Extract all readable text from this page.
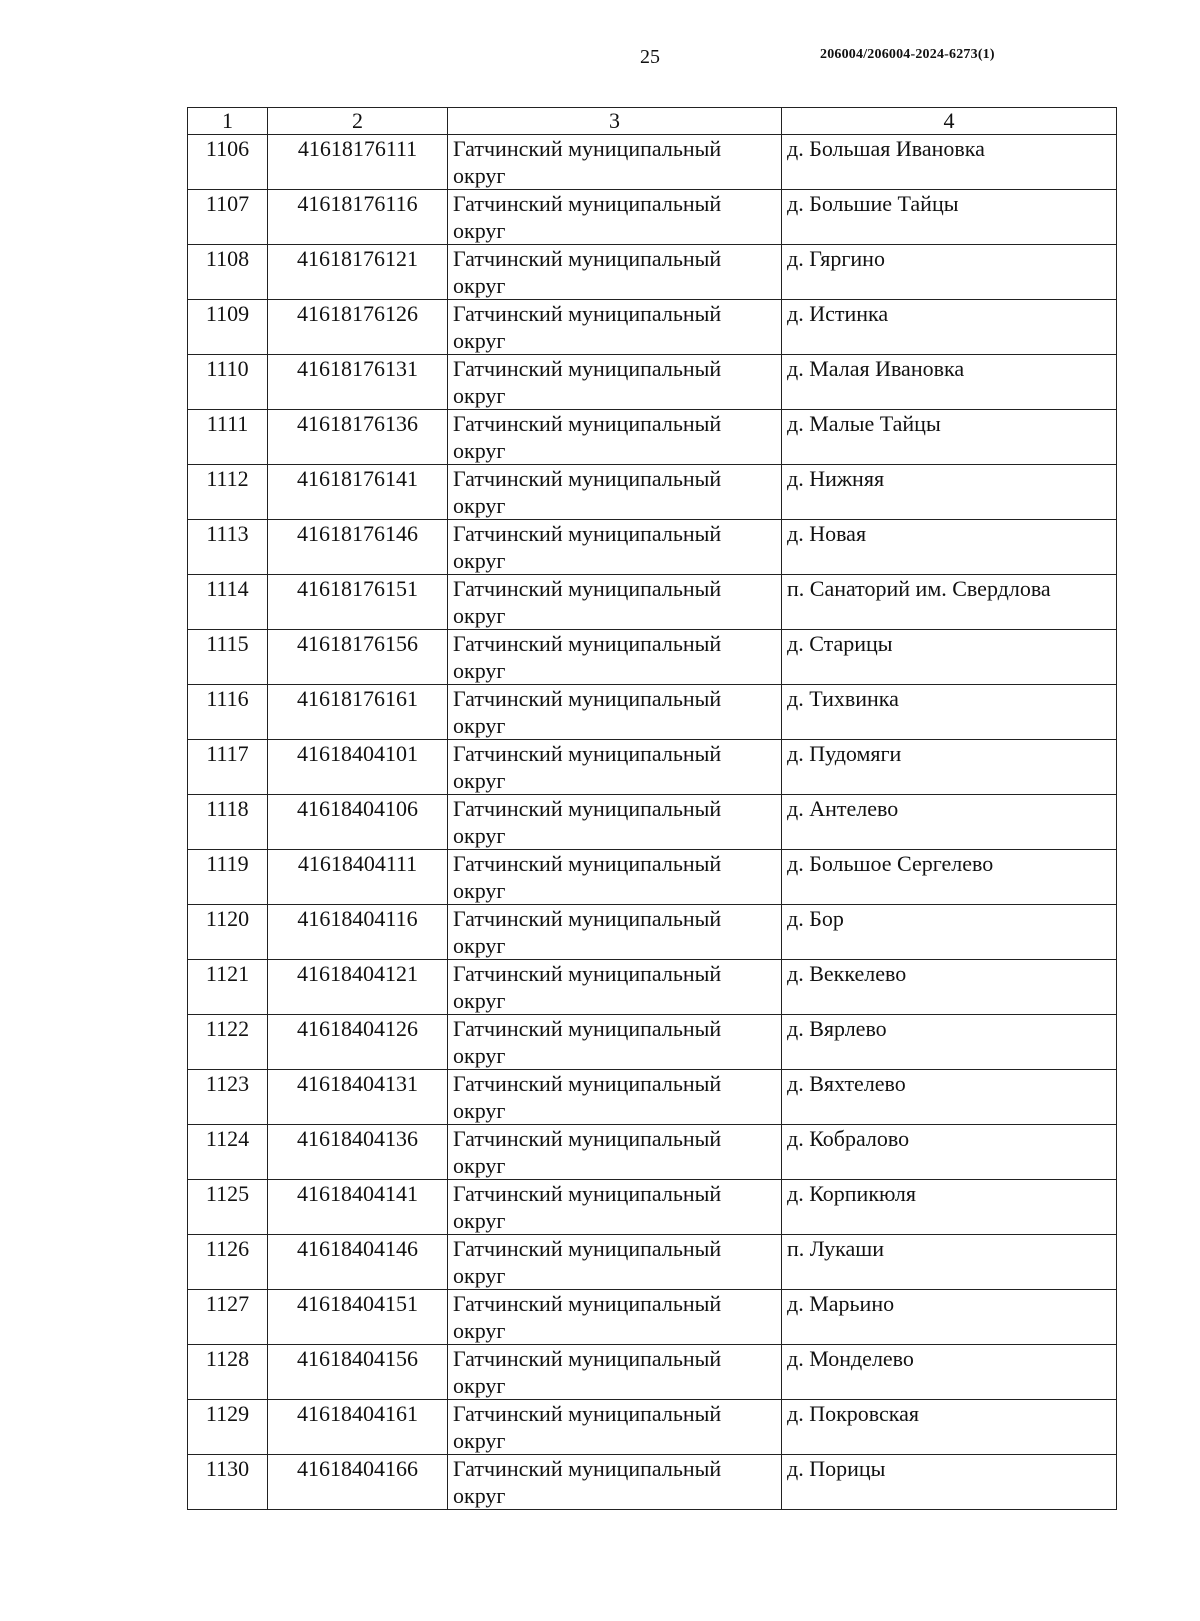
25	206004/206004-2024-6273(1)
1	2	3	4
1106	41618176111	Гатчинский муниципальный округ	д. Большая Ивановка
1107	41618176116	Гатчинский муниципальный округ	д. Большие Тайцы
1108	41618176121	Гатчинский муниципальный округ	д. Гяргино
1109	41618176126	Гатчинский муниципальный округ	д. Истинка
1110	41618176131	Гатчинский муниципальный округ	д. Малая Ивановка
1111	41618176136	Гатчинский муниципальный округ	д. Малые Тайцы
1112	41618176141	Гатчинский муниципальный округ	д. Нижняя
1113	41618176146	Гатчинский муниципальный округ	д. Новая
1114	41618176151	Гатчинский муниципальный округ	п. Санаторий им. Свердлова
1115	41618176156	Гатчинский муниципальный округ	д. Старицы
1116	41618176161	Гатчинский муниципальный округ	д. Тихвинка
1117	41618404101	Гатчинский муниципальный округ	д. Пудомяги
1118	41618404106	Гатчинский муниципальный округ	д. Антелево
1119	41618404111	Гатчинский муниципальный округ	д. Большое Сергелево
1120	41618404116	Гатчинский муниципальный округ	д. Бор
1121	41618404121	Гатчинский муниципальный округ	д. Веккелево
1122	41618404126	Гатчинский муниципальный округ	д. Вярлево
1123	41618404131	Гатчинский муниципальный округ	д. Вяхтелево
1124	41618404136	Гатчинский муниципальный округ	д. Кобралово
1125	41618404141	Гатчинский муниципальный округ	д. Корпикюля
1126	41618404146	Гатчинский муниципальный округ	п. Лукаши
1127	41618404151	Гатчинский муниципальный округ	д. Марьино
1128	41618404156	Гатчинский муниципальный округ	д. Монделево
1129	41618404161	Гатчинский муниципальный округ	д. Покровская
1130	41618404166	Гатчинский муниципальный округ	д. Порицы
